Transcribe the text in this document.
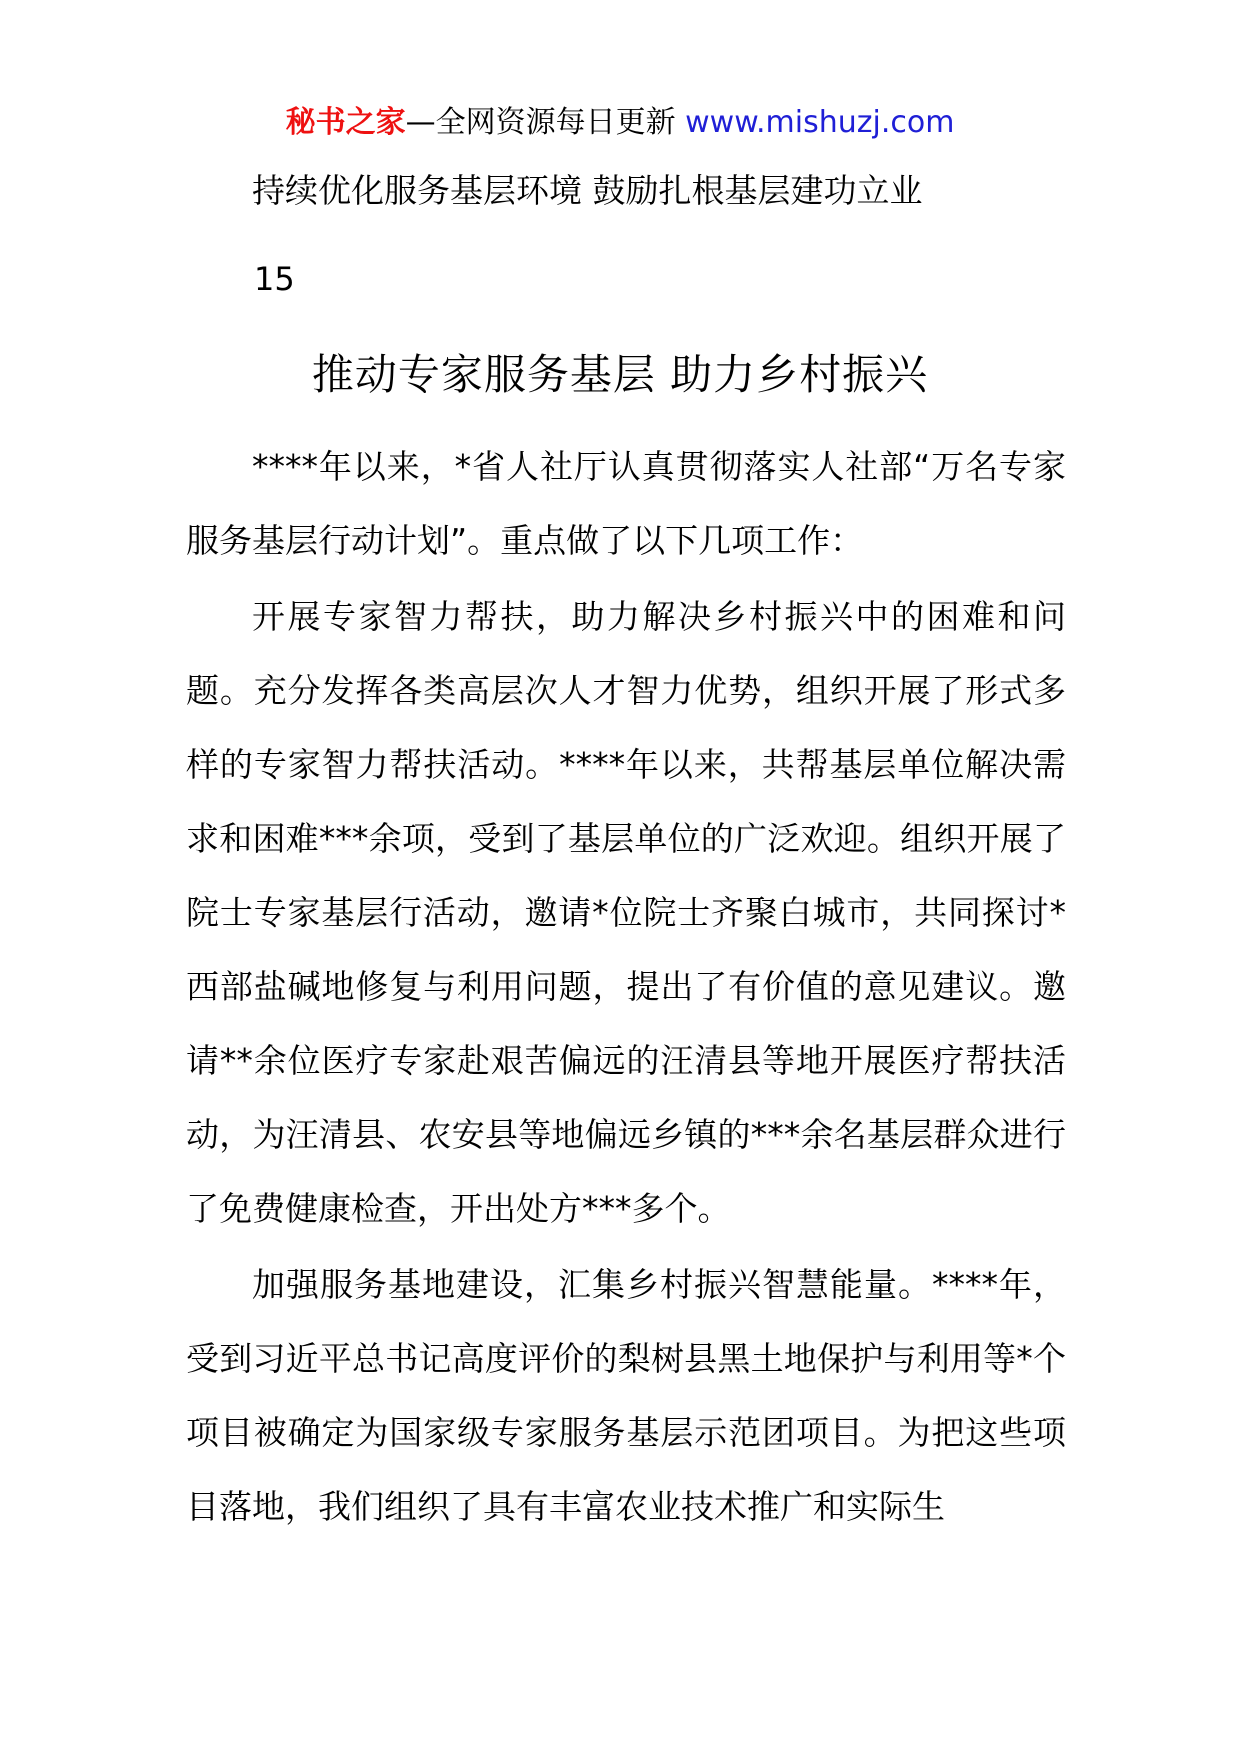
秘书之家—全网资源每日更新 www.mishuzj.com
持续优化服务基层环境 鼓励扎根基层建功立业
15
推动专家服务基层 助力乡村振兴

****年以来，*省人社厅认真贯彻落实人社部“万名专家服务基层行动计划”。重点做了以下几项工作：

开展专家智力帮扶，助力解决乡村振兴中的困难和问题。充分发挥各类高层次人才智力优势，组织开展了形式多样的专家智力帮扶活动。****年以来，共帮基层单位解决需求和困难***余项，受到了基层单位的广泛欢迎。组织开展了院士专家基层行活动，邀请*位院士齐聚白城市，共同探讨*西部盐碱地修复与利用问题，提出了有价值的意见建议。邀请**余位医疗专家赴艰苦偏远的汪清县等地开展医疗帮扶活动，为汪清县、农安县等地偏远乡镇的***余名基层群众进行了免费健康检查，开出处方***多个。

加强服务基地建设，汇集乡村振兴智慧能量。****年，受到习近平总书记高度评价的梨树县黑土地保护与利用等*个项目被确定为国家级专家服务基层示范团项目。为把这些项目落地，我们组织了具有丰富农业技术推广和实际生
